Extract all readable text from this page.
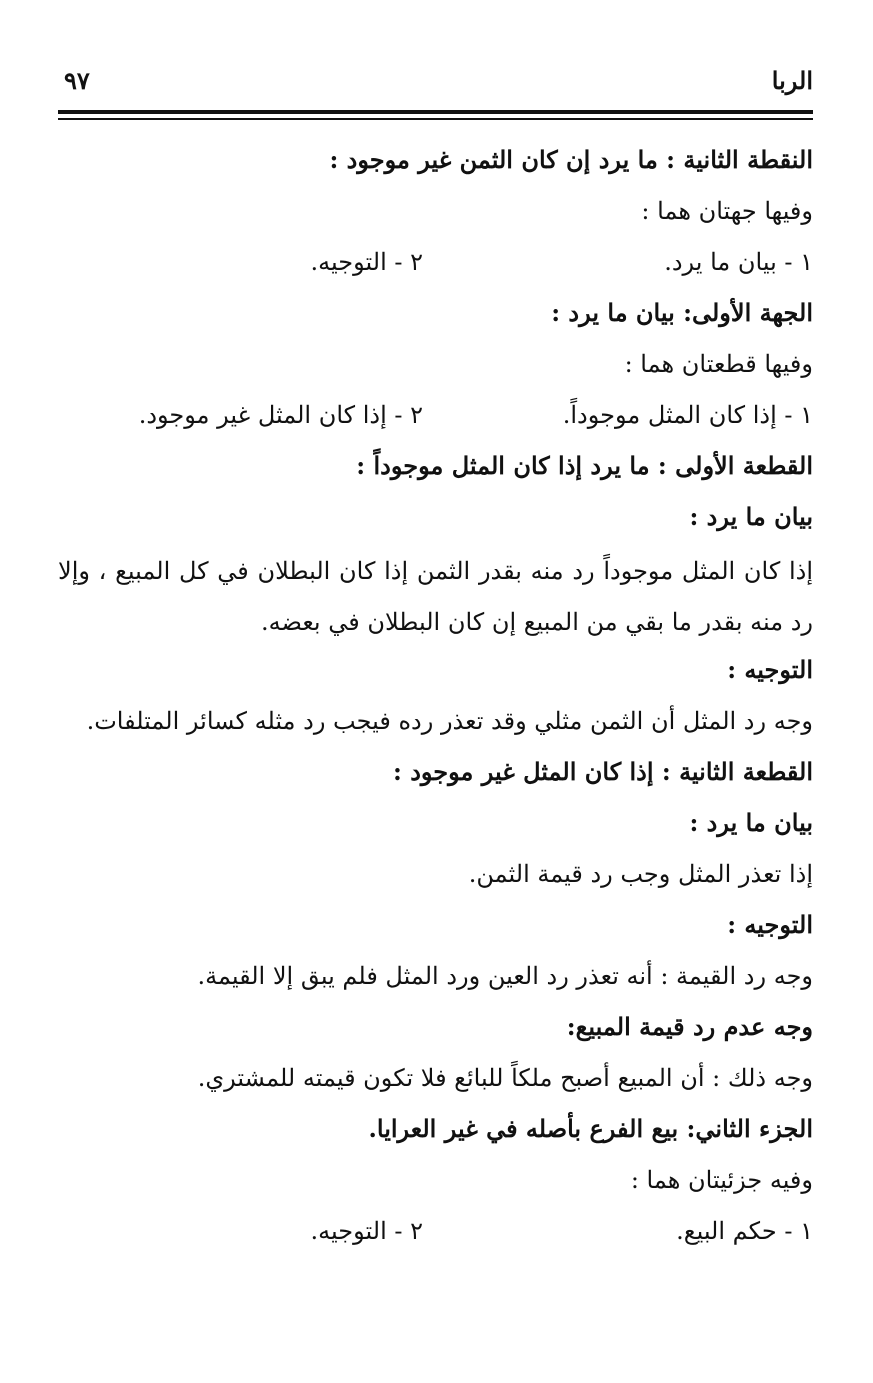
الربا
٩٧
النقطة الثانية : ما يرد إن كان الثمن غير موجود :
وفيها جهتان هما :
١ - بيان ما يرد.
٢ - التوجيه.
الجهة الأولى: بيان ما يرد :
وفيها قطعتان هما :
١ - إذا كان المثل موجوداً.
٢ - إذا كان المثل غير موجود.
القطعة الأولى : ما يرد إذا كان المثل موجوداً :
بيان ما يرد :
إذا كان المثل موجوداً رد منه بقدر الثمن إذا كان البطلان في كل المبيع ، وإلا رد منه بقدر ما بقي من المبيع إن كان البطلان في بعضه.
التوجيه :
وجه رد المثل أن الثمن مثلي وقد تعذر رده فيجب رد مثله كسائر المتلفات.
القطعة الثانية : إذا كان المثل غير موجود :
بيان ما يرد :
إذا تعذر المثل وجب رد قيمة الثمن.
التوجيه :
وجه رد القيمة : أنه تعذر رد العين ورد المثل فلم يبق إلا القيمة.
وجه عدم رد قيمة المبيع:
وجه ذلك : أن المبيع أصبح ملكاً للبائع فلا تكون قيمته للمشتري.
الجزء الثاني: بيع الفرع بأصله في غير العرايا.
وفيه جزئيتان هما :
١ - حكم البيع.
٢ - التوجيه.
